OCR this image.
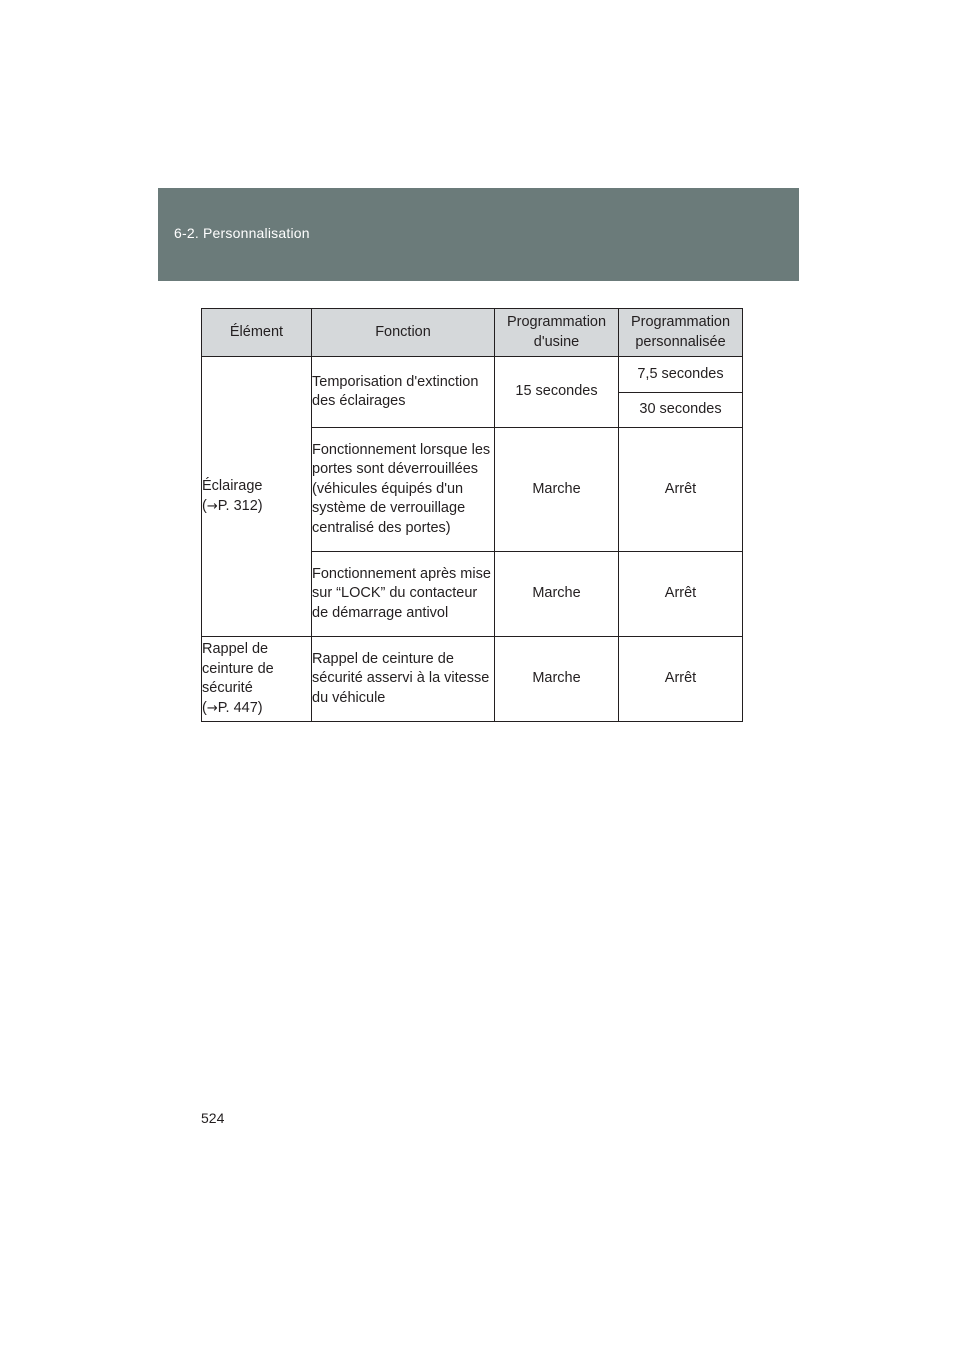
6-2. Personnalisation
Élément	Fonction	Programmation d'usine	Programmation personnalisée

Éclairage
(→P. 312)	Temporisation d'extinction des éclairages	15 secondes	7,5 secondes
			30 secondes
	Fonctionnement lorsque les portes sont déverrouillées (véhicules équipés d'un système de verrouillage centralisé des portes)	Marche	Arrêt
	Fonctionnement après mise sur “LOCK” du contacteur de démarrage antivol	Marche	Arrêt

Rappel de ceinture de sécurité
(→P. 447)	Rappel de ceinture de sécurité asservi à la vitesse du véhicule	Marche	Arrêt
524
